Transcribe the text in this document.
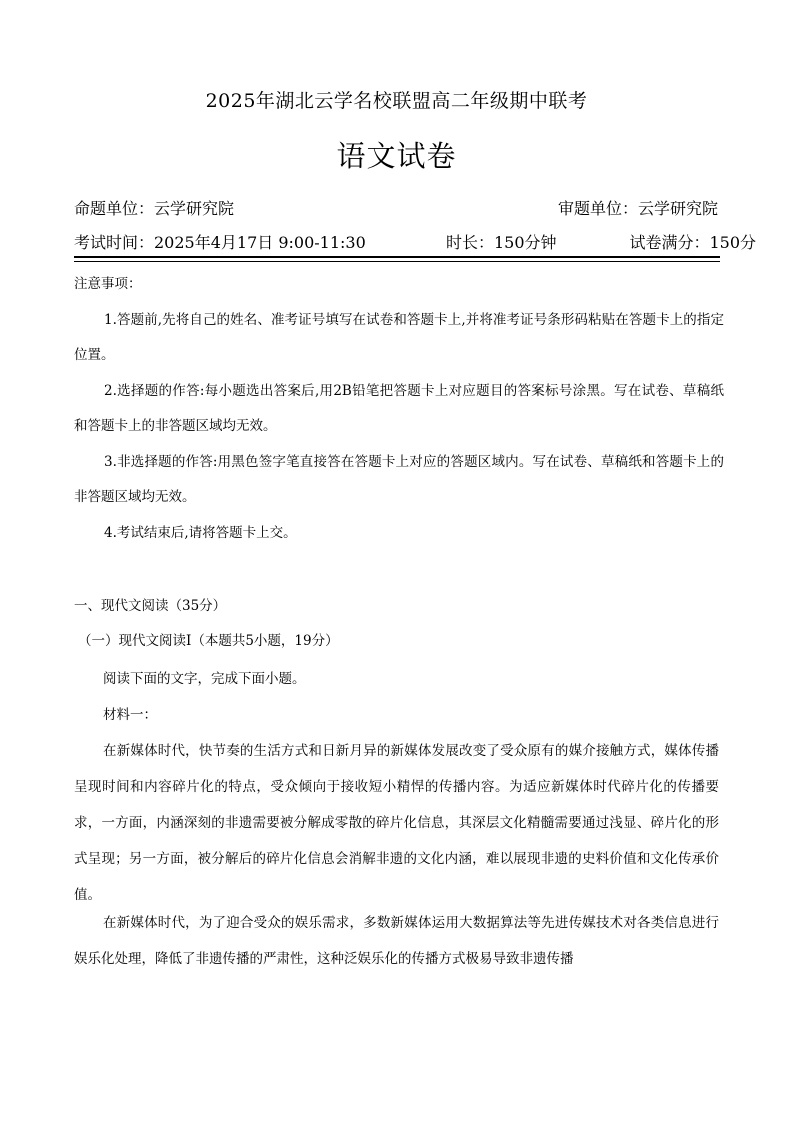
2025年湖北云学名校联盟高二年级期中联考
语文试卷
命题单位：云学研究院	审题单位：云学研究院
考试时间：2025年4月17日 9:00-11:30	时长：150分钟	试卷满分：150分
注意事项：
1.答题前,先将自己的姓名、准考证号填写在试卷和答题卡上,并将准考证号条形码粘贴在答题卡上的指定位置。
2.选择题的作答:每小题选出答案后,用2B铅笔把答题卡上对应题目的答案标号涂黑。写在试卷、草稿纸和答题卡上的非答题区域均无效。
3.非选择题的作答:用黑色签字笔直接答在答题卡上对应的答题区域内。写在试卷、草稿纸和答题卡上的非答题区域均无效。
4.考试结束后,请将答题卡上交。
一、现代文阅读（35分）
（一）现代文阅读Ⅰ（本题共5小题，19分）
阅读下面的文字，完成下面小题。
材料一：
在新媒体时代，快节奏的生活方式和日新月异的新媒体发展改变了受众原有的媒介接触方式，媒体传播呈现时间和内容碎片化的特点，受众倾向于接收短小精悍的传播内容。为适应新媒体时代碎片化的传播要求，一方面，内涵深刻的非遗需要被分解成零散的碎片化信息，其深层文化精髓需要通过浅显、碎片化的形式呈现；另一方面，被分解后的碎片化信息会消解非遗的文化内涵，难以展现非遗的史料价值和文化传承价值。
在新媒体时代，为了迎合受众的娱乐需求，多数新媒体运用大数据算法等先进传媒技术对各类信息进行娱乐化处理，降低了非遗传播的严肃性，这种泛娱乐化的传播方式极易导致非遗传播
